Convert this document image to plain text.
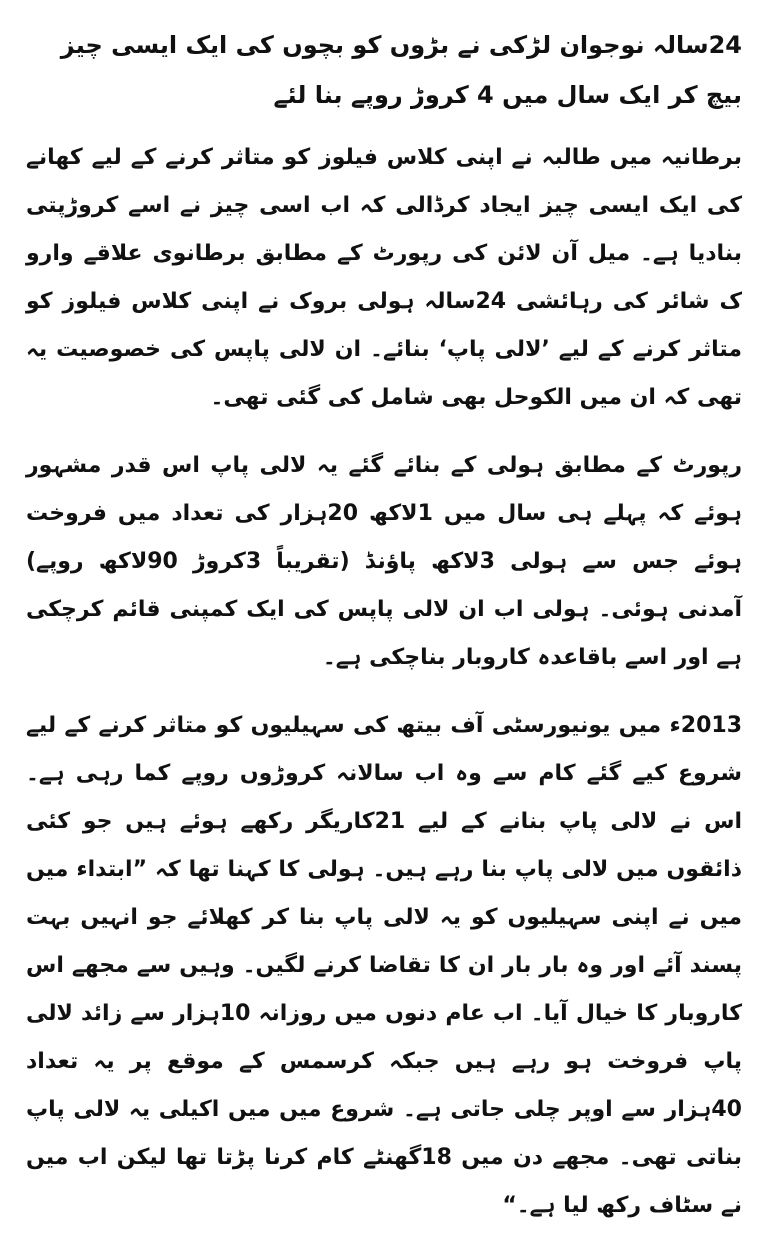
24سالہ نوجوان لڑکی نے بڑوں کو بچوں کی ایک ایسی چیز بیچ کر ایک سال میں 4 کروڑ روپے بنا لئے

برطانیہ میں طالبہ نے اپنی کلاس فیلوز کو متاثر کرنے کے لیے کھانے کی ایک ایسی چیز ایجاد کرڈالی کہ اب اسی چیز نے اسے کروڑپتی بنادیا ہے۔ میل آن لائن کی رپورٹ کے مطابق برطانوی علاقے وارو ک شائر کی رہائشی 24سالہ ہولی بروک نے اپنی کلاس فیلوز کو متاثر کرنے کے لیے ’لالی پاپ‘ بنائے۔ ان لالی پاپس کی خصوصیت یہ تھی کہ ان میں الکوحل بھی شامل کی گئی تھی۔

رپورٹ کے مطابق ہولی کے بنائے گئے یہ لالی پاپ اس قدر مشہور ہوئے کہ پہلے ہی سال میں 1لاکھ 20ہزار کی تعداد میں فروخت ہوئے جس سے ہولی 3لاکھ پاؤنڈ (تقریباً 3کروڑ 90لاکھ روپے) آمدنی ہوئی۔ ہولی اب ان لالی پاپس کی ایک کمپنی قائم کرچکی ہے اور اسے باقاعدہ کاروبار بناچکی ہے۔

2013ء میں یونیورسٹی آف بیتھ کی سہیلیوں کو متاثر کرنے کے لیے شروع کیے گئے کام سے وہ اب سالانہ کروڑوں روپے کما رہی ہے۔ اس نے لالی پاپ بنانے کے لیے 21کاریگر رکھے ہوئے ہیں جو کئی ذائقوں میں لالی پاپ بنا رہے ہیں۔ ہولی کا کہنا تھا کہ ”ابتداء میں میں نے اپنی سہیلیوں کو یہ لالی پاپ بنا کر کھلائے جو انہیں بہت پسند آئے اور وہ بار بار ان کا تقاضا کرنے لگیں۔ وہیں سے مجھے اس کاروبار کا خیال آیا۔ اب عام دنوں میں روزانہ 10ہزار سے زائد لالی پاپ فروخت ہو رہے ہیں جبکہ کرسمس کے موقع پر یہ تعداد 40ہزار سے اوپر چلی جاتی ہے۔ شروع میں میں اکیلی یہ لالی پاپ بناتی تھی۔ مجھے دن میں 18گھنٹے کام کرنا پڑتا تھا لیکن اب میں نے سٹاف رکھ لیا ہے۔“
